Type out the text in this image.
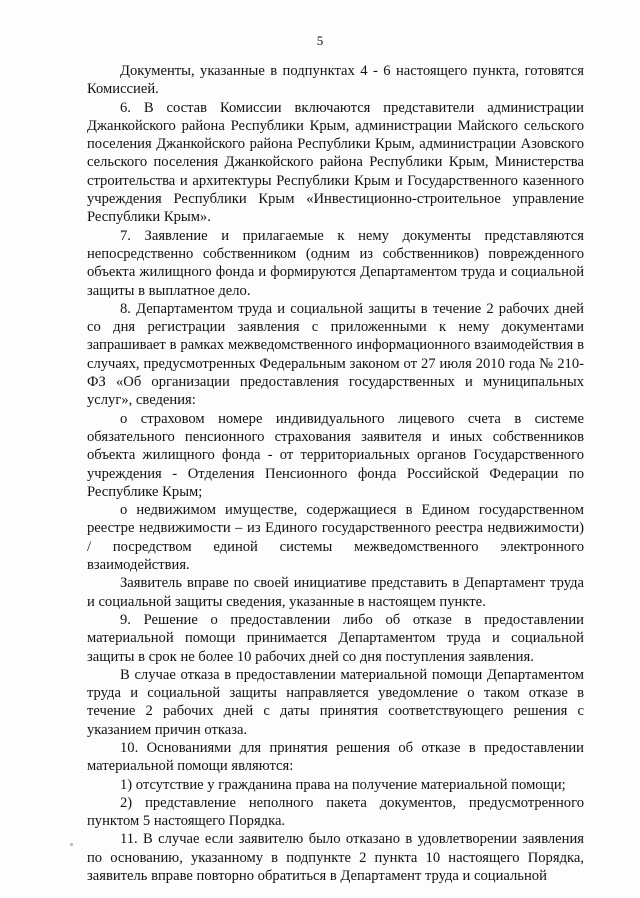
5

Документы, указанные в подпунктах 4 - 6 настоящего пункта, готовятся Комиссией.

6. В состав Комиссии включаются представители администрации Джанкойского района Республики Крым, администрации Майского сельского поселения Джанкойского района Республики Крым, администрации Азовского сельского поселения Джанкойского района Республики Крым, Министерства строительства и архитектуры Республики Крым и Государственного казенного учреждения Республики Крым «Инвестиционно-строительное управление Республики Крым».

7. Заявление и прилагаемые к нему документы представляются непосредственно собственником (одним из собственников) поврежденного объекта жилищного фонда и формируются Департаментом труда и социальной защиты в выплатное дело.

8. Департаментом труда и социальной защиты в течение 2 рабочих дней со дня регистрации заявления с приложенными к нему документами запрашивает в рамках межведомственного информационного взаимодействия в случаях, предусмотренных Федеральным законом от 27 июля 2010 года № 210-ФЗ «Об организации предоставления государственных и муниципальных услуг», сведения:

о страховом номере индивидуального лицевого счета в системе обязательного пенсионного страхования заявителя и иных собственников объекта жилищного фонда - от территориальных органов Государственного учреждения - Отделения Пенсионного фонда Российской Федерации по Республике Крым;

о недвижимом имуществе, содержащиеся в Едином государственном реестре недвижимости – из Единого государственного реестра недвижимости) / посредством единой системы межведомственного электронного взаимодействия.

Заявитель вправе по своей инициативе представить в Департамент труда и социальной защиты сведения, указанные в настоящем пункте.

9. Решение о предоставлении либо об отказе в предоставлении материальной помощи принимается Департаментом труда и социальной защиты в срок не более 10 рабочих дней со дня поступления заявления.

В случае отказа в предоставлении материальной помощи Департаментом труда и социальной защиты направляется уведомление о таком отказе в течение 2 рабочих дней с даты принятия соответствующего решения с указанием причин отказа.

10. Основаниями для принятия решения об отказе в предоставлении материальной помощи являются:

1) отсутствие у гражданина права на получение материальной помощи;

2) представление неполного пакета документов, предусмотренного пунктом 5 настоящего Порядка.

11. В случае если заявителю было отказано в удовлетворении заявления по основанию, указанному в подпункте 2 пункта 10 настоящего Порядка, заявитель вправе повторно обратиться в Департамент труда и социальной
